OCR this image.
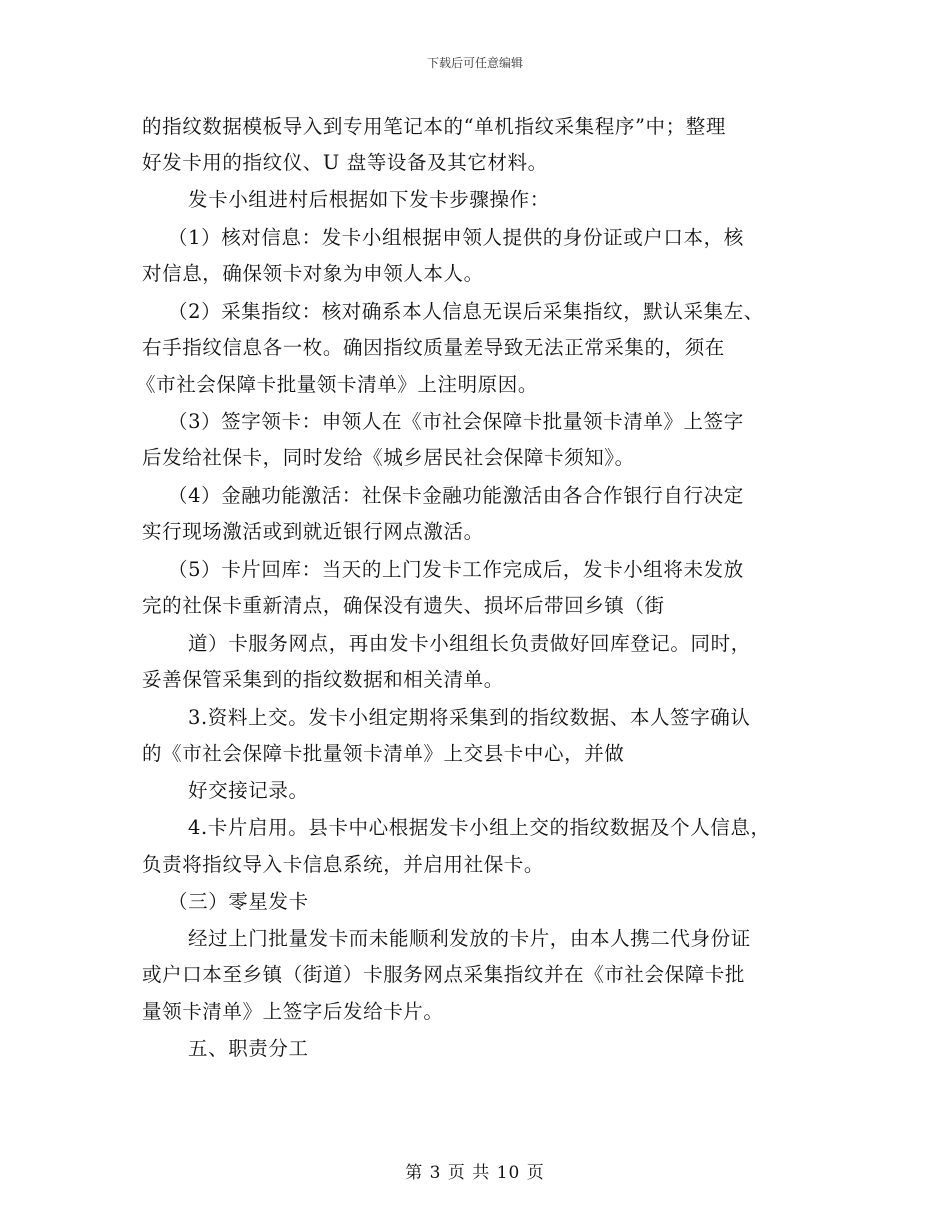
下载后可任意编辑
的指纹数据模板导入到专用笔记本的“单机指纹采集程序”中；整理
好发卡用的指纹仪、U 盘等设备及其它材料。
发卡小组进村后根据如下发卡步骤操作：
（1）核对信息：发卡小组根据申领人提供的身份证或户口本，核
对信息，确保领卡对象为申领人本人。
（2）采集指纹：核对确系本人信息无误后采集指纹，默认采集左、
右手指纹信息各一枚。确因指纹质量差导致无法正常采集的，须在
《市社会保障卡批量领卡清单》上注明原因。
（3）签字领卡：申领人在《市社会保障卡批量领卡清单》上签字
后发给社保卡，同时发给《城乡居民社会保障卡须知》。
（4）金融功能激活：社保卡金融功能激活由各合作银行自行决定
实行现场激活或到就近银行网点激活。
（5）卡片回库：当天的上门发卡工作完成后，发卡小组将未发放
完的社保卡重新清点，确保没有遗失、损坏后带回乡镇（街
道）卡服务网点，再由发卡小组组长负责做好回库登记。同时，
妥善保管采集到的指纹数据和相关清单。
3.资料上交。发卡小组定期将采集到的指纹数据、本人签字确认
的《市社会保障卡批量领卡清单》上交县卡中心，并做
好交接记录。
4.卡片启用。县卡中心根据发卡小组上交的指纹数据及个人信息，
负责将指纹导入卡信息系统，并启用社保卡。
（三）零星发卡
经过上门批量发卡而未能顺利发放的卡片，由本人携二代身份证
或户口本至乡镇（街道）卡服务网点采集指纹并在《市社会保障卡批
量领卡清单》上签字后发给卡片。
五、职责分工
第 3 页 共 10 页
